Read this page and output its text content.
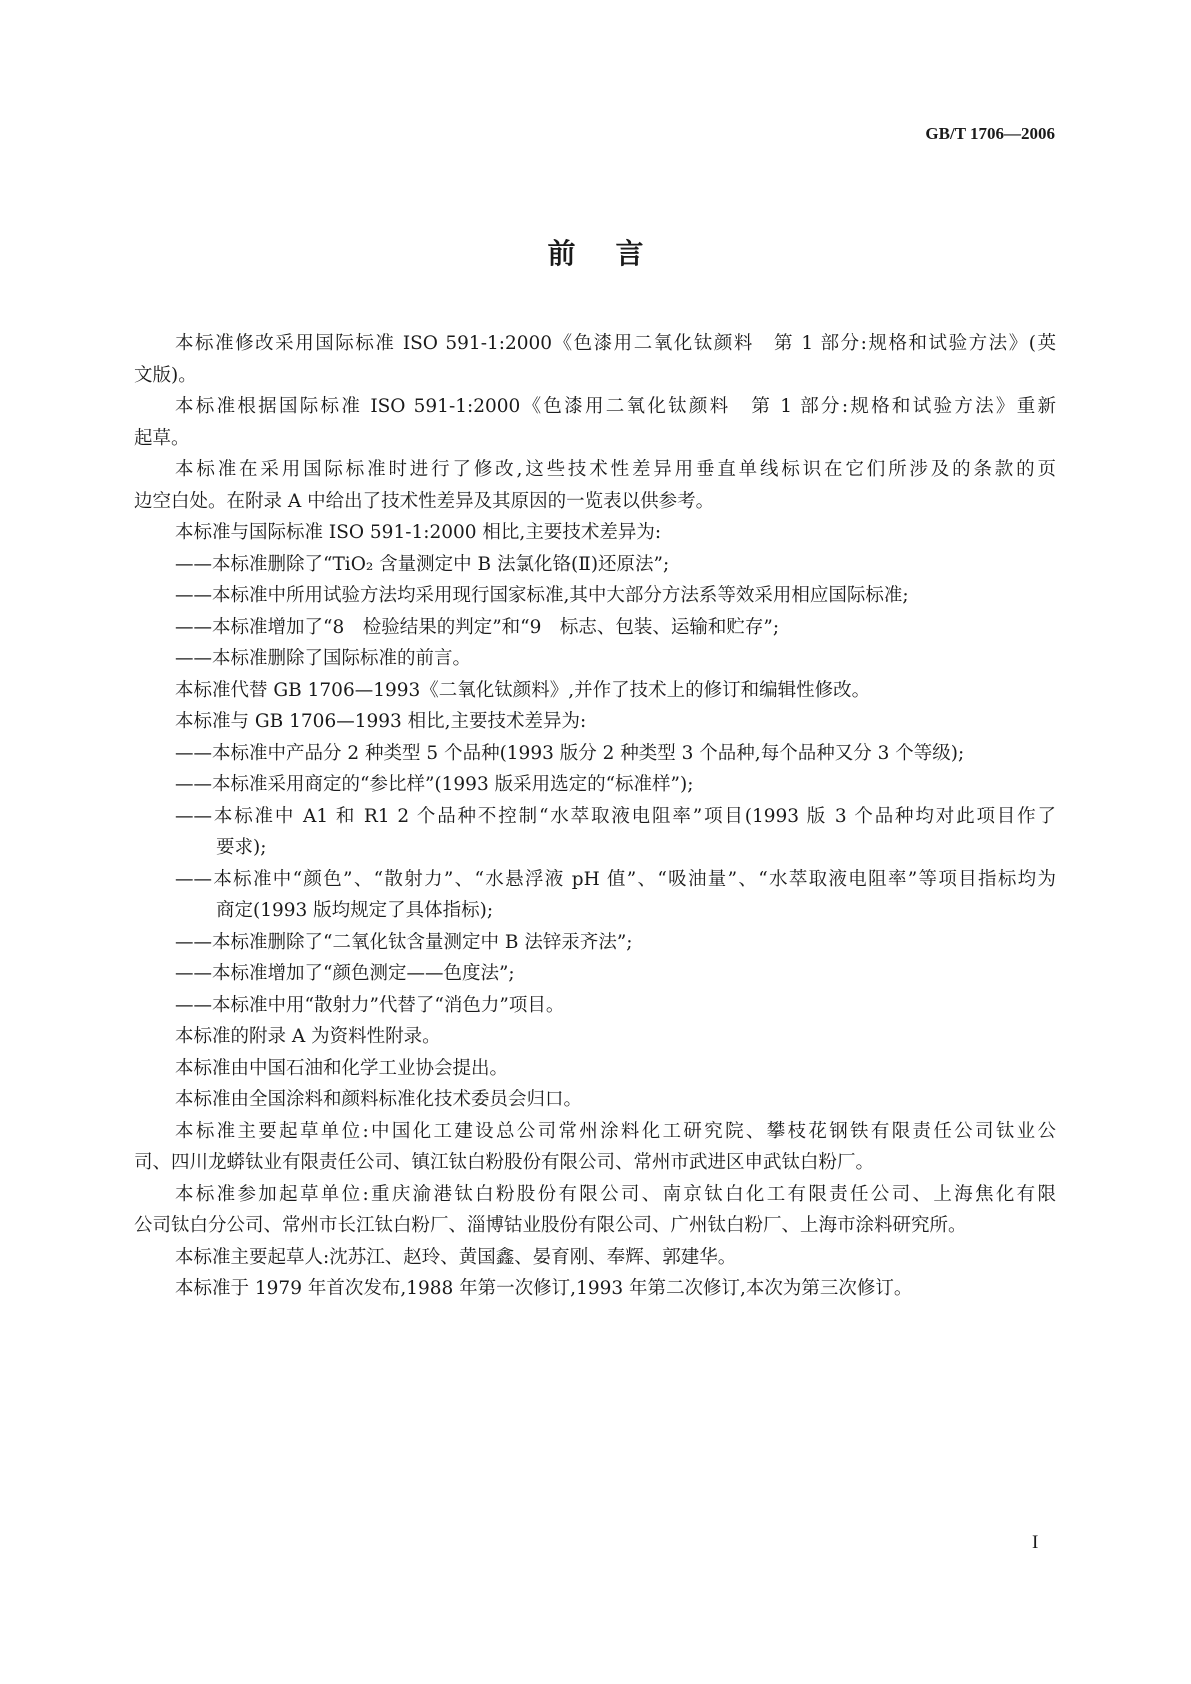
GB/T 1706—2006
前言
本标准修改采用国际标准 ISO 591-1:2000《色漆用二氧化钛颜料　第 1 部分:规格和试验方法》(英
文版)。
本标准根据国际标准 ISO 591-1:2000《色漆用二氧化钛颜料　第 1 部分:规格和试验方法》重新
起草。
本标准在采用国际标准时进行了修改,这些技术性差异用垂直单线标识在它们所涉及的条款的页
边空白处。在附录 A 中给出了技术性差异及其原因的一览表以供参考。
本标准与国际标准 ISO 591-1:2000 相比,主要技术差异为:
——本标准删除了“TiO₂ 含量测定中 B 法氯化铬(Ⅱ)还原法”;
——本标准中所用试验方法均采用现行国家标准,其中大部分方法系等效采用相应国际标准;
——本标准增加了“8　检验结果的判定”和“9　标志、包装、运输和贮存”;
——本标准删除了国际标准的前言。
本标准代替 GB 1706—1993《二氧化钛颜料》,并作了技术上的修订和编辑性修改。
本标准与 GB 1706—1993 相比,主要技术差异为:
——本标准中产品分 2 种类型 5 个品种(1993 版分 2 种类型 3 个品种,每个品种又分 3 个等级);
——本标准采用商定的“参比样”(1993 版采用选定的“标准样”);
——本标准中 A1 和 R1 2 个品种不控制“水萃取液电阻率”项目(1993 版 3 个品种均对此项目作了
要求);
——本标准中“颜色”、“散射力”、“水悬浮液 pH 值”、“吸油量”、“水萃取液电阻率”等项目指标均为
商定(1993 版均规定了具体指标);
——本标准删除了“二氧化钛含量测定中 B 法锌汞齐法”;
——本标准增加了“颜色测定——色度法”;
——本标准中用“散射力”代替了“消色力”项目。
本标准的附录 A 为资料性附录。
本标准由中国石油和化学工业协会提出。
本标准由全国涂料和颜料标准化技术委员会归口。
本标准主要起草单位:中国化工建设总公司常州涂料化工研究院、攀枝花钢铁有限责任公司钛业公
司、四川龙蟒钛业有限责任公司、镇江钛白粉股份有限公司、常州市武进区申武钛白粉厂。
本标准参加起草单位:重庆渝港钛白粉股份有限公司、南京钛白化工有限责任公司、上海焦化有限
公司钛白分公司、常州市长江钛白粉厂、淄博钴业股份有限公司、广州钛白粉厂、上海市涂料研究所。
本标准主要起草人:沈苏江、赵玲、黄国鑫、晏育刚、奉辉、郭建华。
本标准于 1979 年首次发布,1988 年第一次修订,1993 年第二次修订,本次为第三次修订。
I
